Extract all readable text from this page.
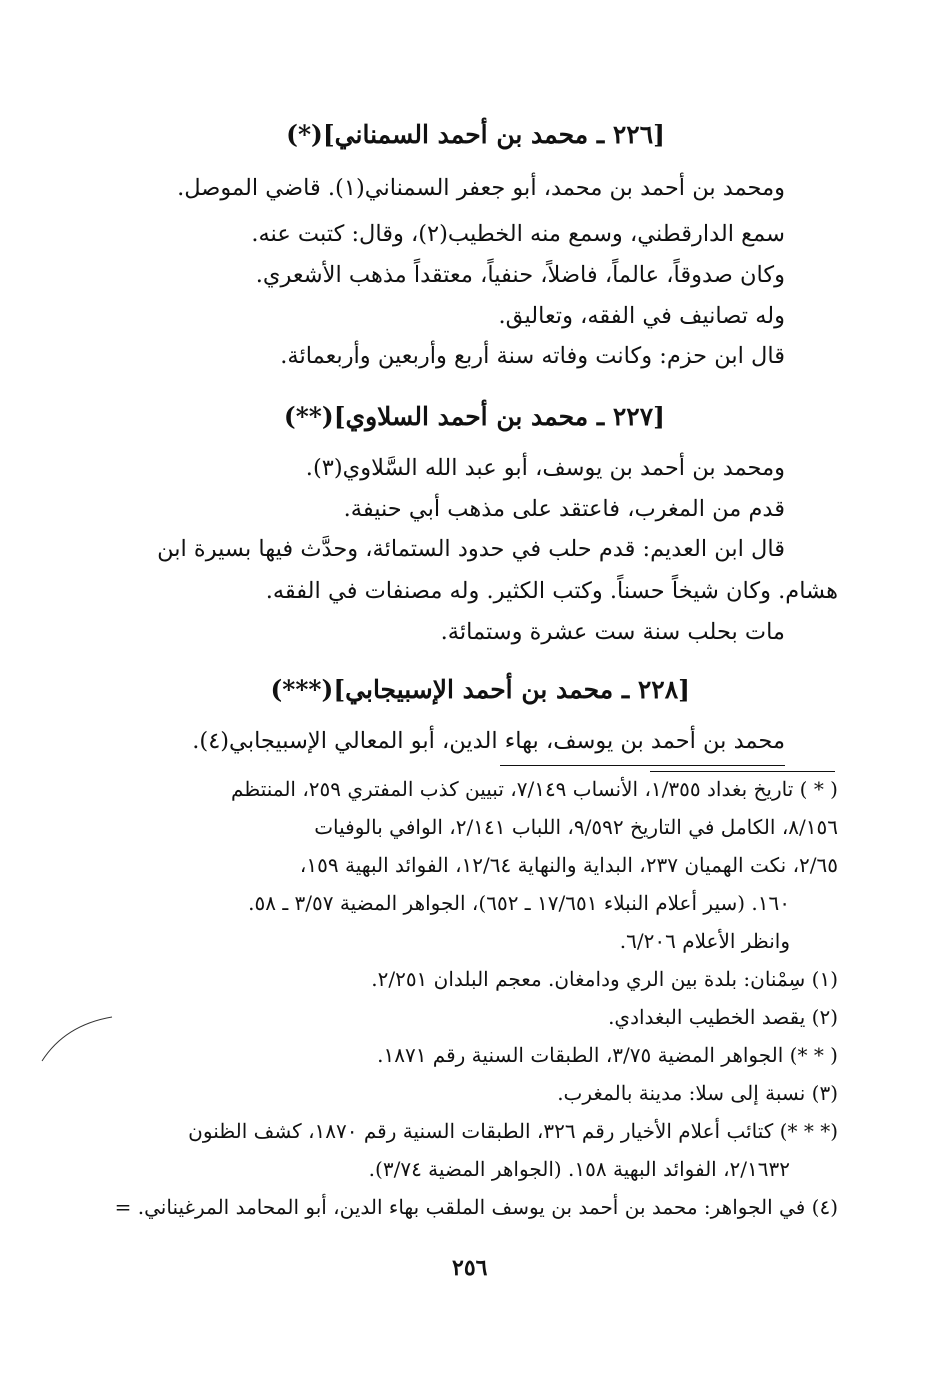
[٢٢٦ ـ محمد بن أحمد السمناني](*)
ومحمد بن أحمد بن محمد، أبو جعفر السمناني(١). قاضي الموصل.
سمع الدارقطني، وسمع منه الخطيب(٢)، وقال: كتبت عنه.
وكان صدوقاً، عالماً، فاضلاً، حنفياً، معتقداً مذهب الأشعري.
وله تصانيف في الفقه، وتعاليق.
قال ابن حزم: وكانت وفاته سنة أربع وأربعين وأربعمائة.
[٢٢٧ ـ محمد بن أحمد السلاوي](**)
ومحمد بن أحمد بن يوسف، أبو عبد الله السَّلاوي(٣).
قدم من المغرب، فاعتقد على مذهب أبي حنيفة.
قال ابن العديم: قدم حلب في حدود الستمائة، وحدَّث فيها بسيرة ابن
هشام. وكان شيخاً حسناً. وكتب الكثير. وله مصنفات في الفقه.
مات بحلب سنة ست عشرة وستمائة.
[٢٢٨ ـ محمد بن أحمد الإسبيجابي](***)
محمد بن أحمد بن يوسف، بهاء الدين، أبو المعالي الإسبيجابي(٤).
( * ) تاريخ بغداد ١/٣٥٥، الأنساب ٧/١٤٩، تبيين كذب المفتري ٢٥٩، المنتظم
٨/١٥٦، الكامل في التاريخ ٩/٥٩٢، اللباب ٢/١٤١، الوافي بالوفيات
٢/٦٥، نكت الهميان ٢٣٧، البداية والنهاية ١٢/٦٤، الفوائد البهية ١٥٩،
١٦٠. (سير أعلام النبلاء ١٧/٦٥١ ـ ٦٥٢)، الجواهر المضية ٣/٥٧ ـ ٥٨.
وانظر الأعلام ٦/٢٠٦.
(١) سِمْنان: بلدة بين الري ودامغان. معجم البلدان ٢/٢٥١.
(٢) يقصد الخطيب البغدادي.
( * *) الجواهر المضية ٣/٧٥، الطبقات السنية رقم ١٨٧١.
(٣) نسبة إلى سلا: مدينة بالمغرب.
(* * *) كتائب أعلام الأخيار رقم ٣٢٦، الطبقات السنية رقم ١٨٧٠، كشف الظنون
٢/١٦٣٢، الفوائد البهية ١٥٨. (الجواهر المضية ٣/٧٤).
(٤) في الجواهر: محمد بن أحمد بن يوسف الملقب بهاء الدين، أبو المحامد المرغيناني. =
٢٥٦
